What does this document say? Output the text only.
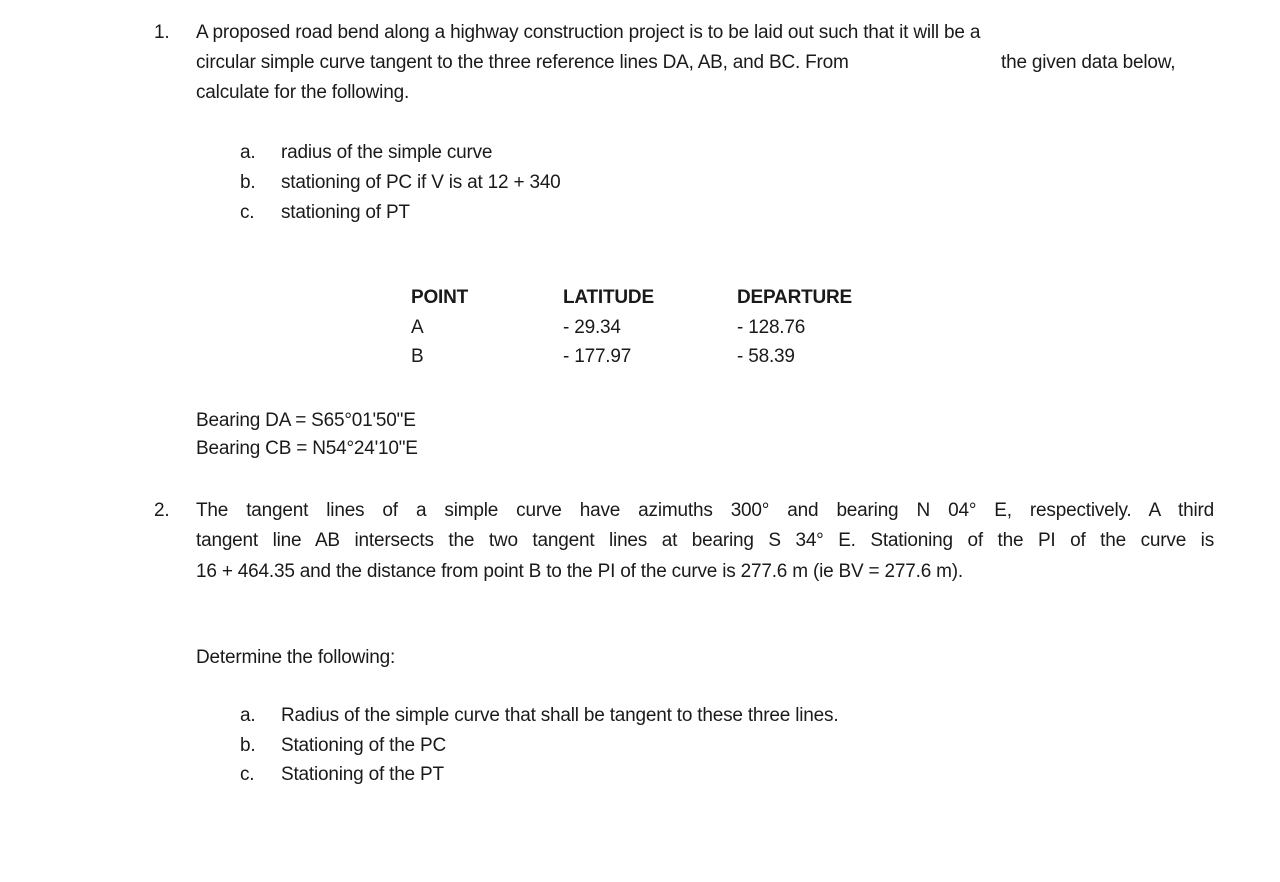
1. A proposed road bend along a highway construction project is to be laid out such that it will be a
circular simple curve tangent to the three reference lines DA, AB, and BC. From	the given data below,
calculate for the following.
a. radius of the simple curve
b. stationing of PC if V is at 12 + 340
c. stationing of PT
POINT	LATITUDE	DEPARTURE
A	- 29.34	- 128.76
B	- 177.97	- 58.39
Bearing DA = S65°01'50"E
Bearing CB = N54°24'10"E
2. The tangent lines of a simple curve have azimuths 300° and bearing N 04° E, respectively. A third
tangent line AB intersects the two tangent lines at bearing S 34° E. Stationing of the PI of the curve is
16 + 464.35 and the distance from point B to the PI of the curve is 277.6 m (ie BV = 277.6 m).
Determine the following:
a. Radius of the simple curve that shall be tangent to these three lines.
b. Stationing of the PC
c. Stationing of the PT
